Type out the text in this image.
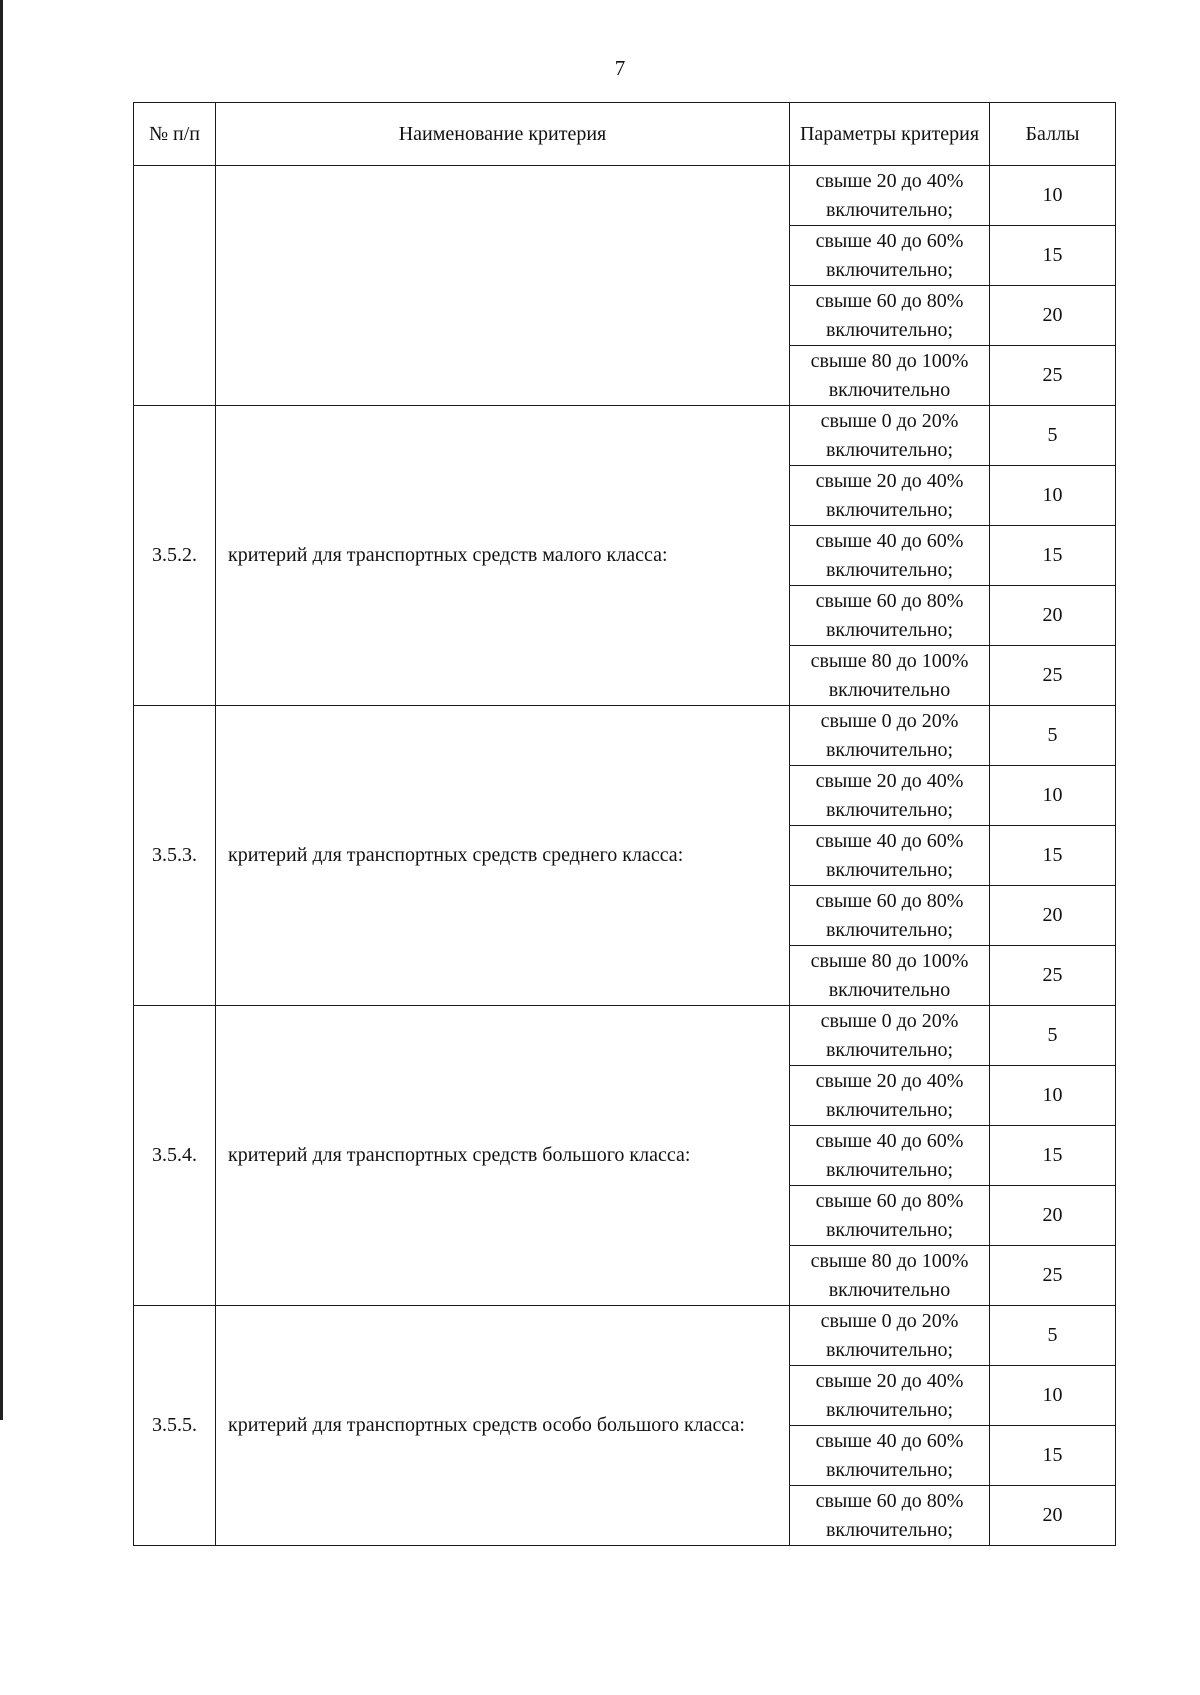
7
№ п/п	Наименование критерия	Параметры критерия	Баллы
		свыше 20 до 40% включительно;	10
		свыше 40 до 60% включительно;	15
		свыше 60 до 80% включительно;	20
		свыше 80 до 100% включительно	25
3.5.2.	критерий для транспортных средств малого класса:	свыше 0 до 20% включительно;	5
		свыше 20 до 40% включительно;	10
		свыше 40 до 60% включительно;	15
		свыше 60 до 80% включительно;	20
		свыше 80 до 100% включительно	25
3.5.3.	критерий для транспортных средств среднего класса:	свыше 0 до 20% включительно;	5
		свыше 20 до 40% включительно;	10
		свыше 40 до 60% включительно;	15
		свыше 60 до 80% включительно;	20
		свыше 80 до 100% включительно	25
3.5.4.	критерий для транспортных средств большого класса:	свыше 0 до 20% включительно;	5
		свыше 20 до 40% включительно;	10
		свыше 40 до 60% включительно;	15
		свыше 60 до 80% включительно;	20
		свыше 80 до 100% включительно	25
3.5.5.	критерий для транспортных средств особо большого класса:	свыше 0 до 20% включительно;	5
		свыше 20 до 40% включительно;	10
		свыше 40 до 60% включительно;	15
		свыше 60 до 80% включительно;	20
